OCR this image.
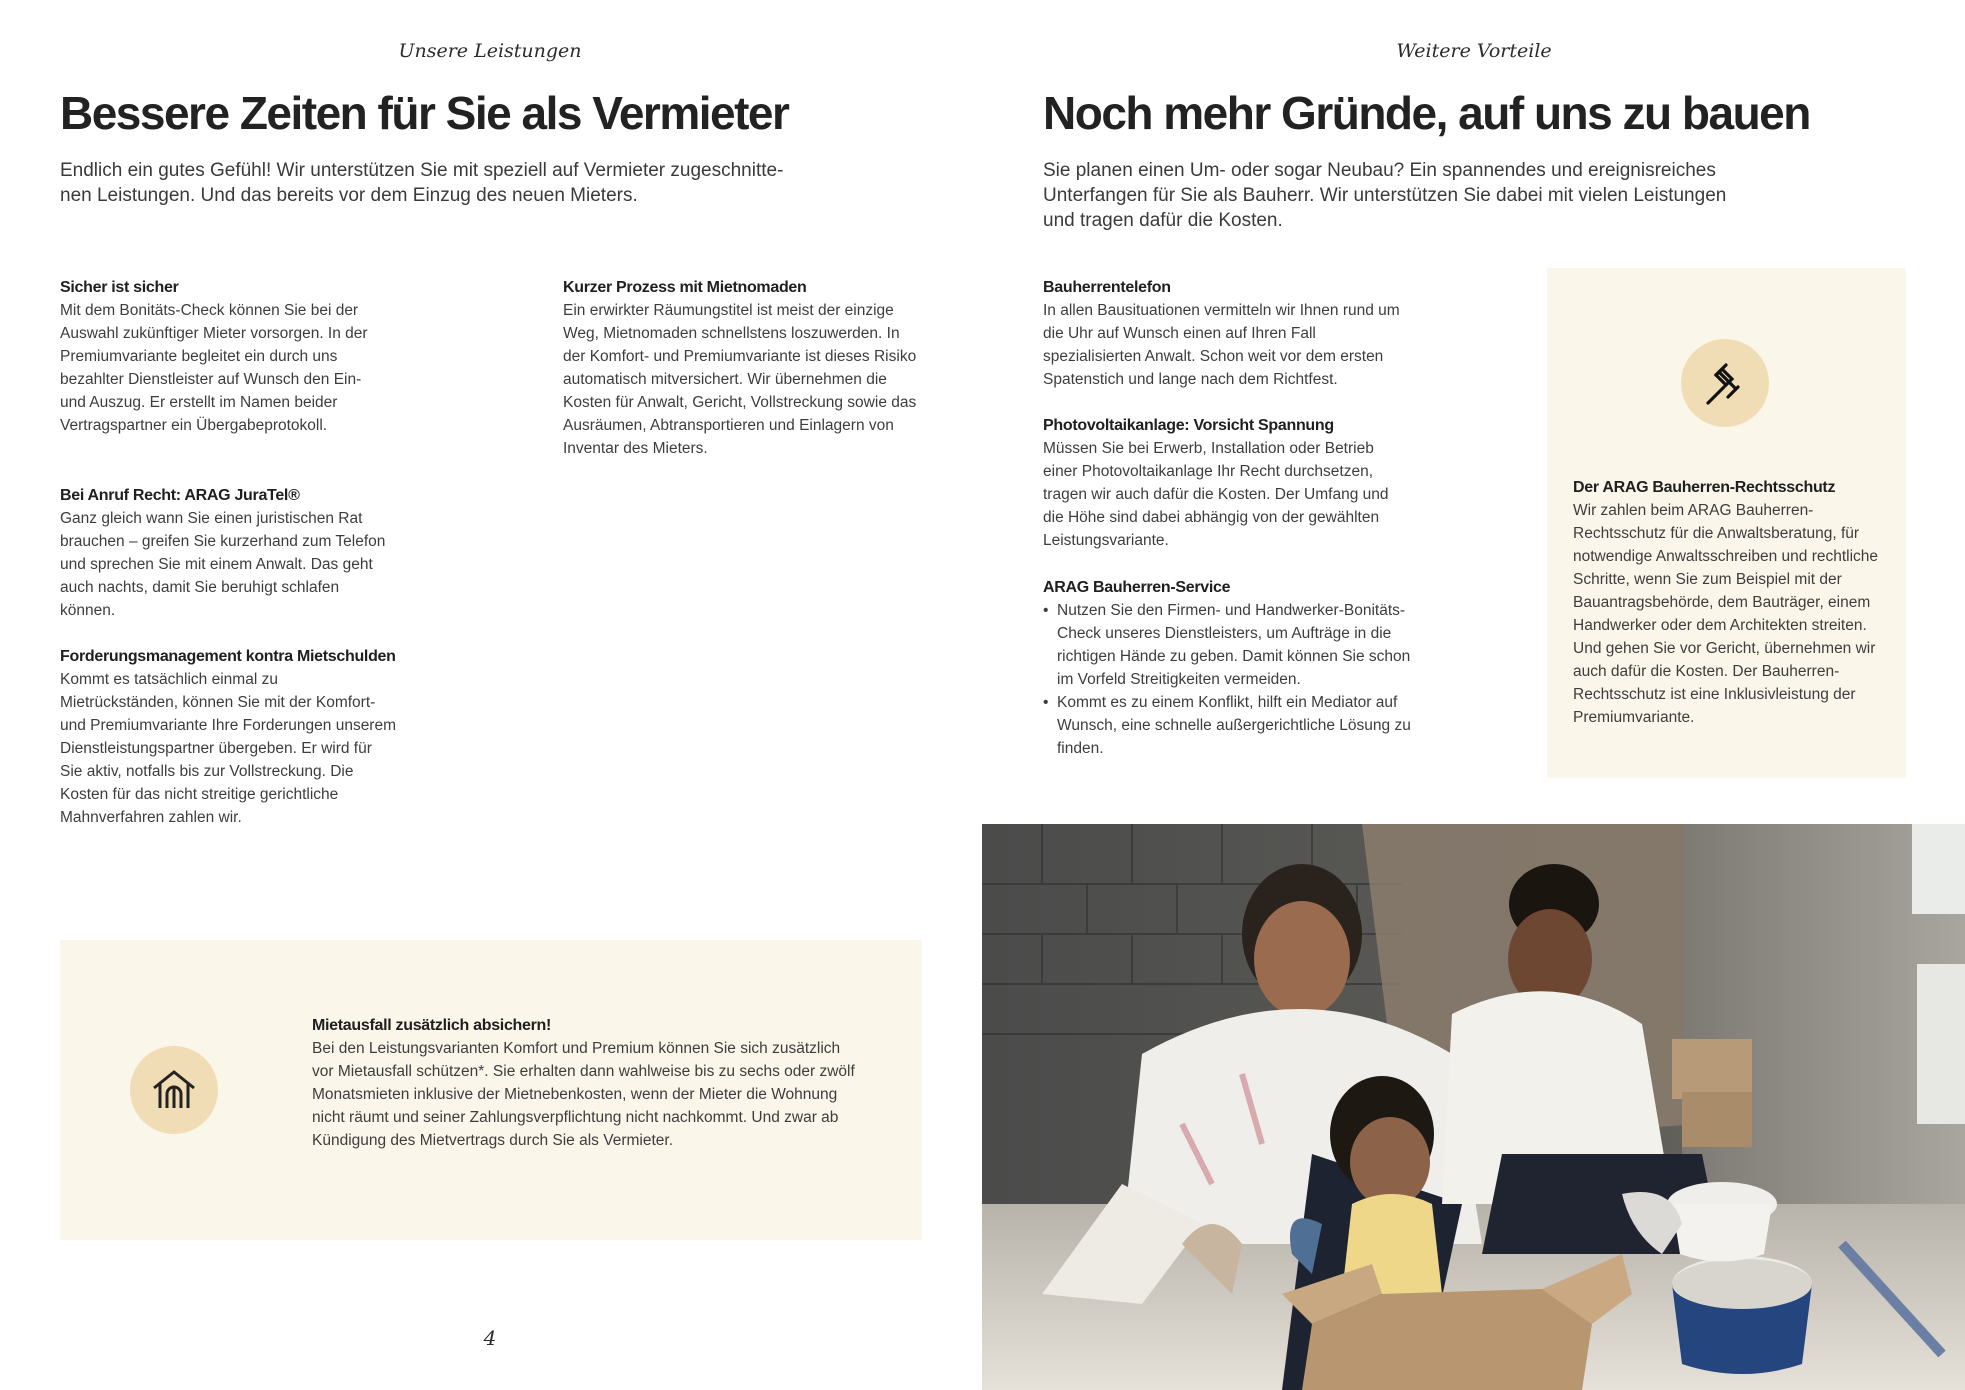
Unsere Leistungen
Bessere Zeiten für Sie als Vermieter

Endlich ein gutes Gefühl! Wir unterstützen Sie mit speziell auf Vermieter zugeschnitte-nen Leistungen. Und das bereits vor dem Einzug des neuen Mieters.

Sicher ist sicher

Mit dem Bonitäts-Check können Sie bei der Auswahl zukünftiger Mieter vorsorgen. In der Premiumvariante begleitet ein durch uns bezahlter Dienstleister auf Wunsch den Ein- und Auszug. Er erstellt im Namen beider Vertragspartner ein Übergabeprotokoll.

Kurzer Prozess mit Mietnomaden

Ein erwirkter Räumungstitel ist meist der einzige Weg, Mietnomaden schnellstens loszuwerden. In der Komfort- und Premiumvariante ist dieses Risiko automatisch mitversichert. Wir übernehmen die Kosten für Anwalt, Gericht, Vollstreckung sowie das Ausräumen, Abtransportieren und Einlagern von Inventar des Mieters.

Bei Anruf Recht: ARAG JuraTel®

Ganz gleich wann Sie einen juristischen Rat brauchen – greifen Sie kurzerhand zum Telefon und sprechen Sie mit einem Anwalt. Das geht auch nachts, damit Sie beruhigt schlafen können.

Forderungsmanagement kontra Mietschulden

Kommt es tatsächlich einmal zu Mietrückständen, können Sie mit der Komfort- und Premiumvariante Ihre Forderungen unserem Dienstleistungspartner übergeben. Er wird für Sie aktiv, notfalls bis zur Vollstreckung. Die Kosten für das nicht streitige gerichtliche Mahnverfahren zahlen wir.

Mietausfall zusätzlich absichern!

Bei den Leistungsvarianten Komfort und Premium können Sie sich zusätzlich vor Mietausfall schützen*. Sie erhalten dann wahlweise bis zu sechs oder zwölf Monatsmieten inklusive der Mietnebenkosten, wenn der Mieter die Wohnung nicht räumt und seiner Zahlungsverpflichtung nicht nachkommt. Und zwar ab Kündigung des Mietvertrags durch Sie als Vermieter.

4
Weitere Vorteile
Noch mehr Gründe, auf uns zu bauen

Sie planen einen Um- oder sogar Neubau? Ein spannendes und ereignisreiches Unterfangen für Sie als Bauherr. Wir unterstützen Sie dabei mit vielen Leistungen und tragen dafür die Kosten.

Bauherrentelefon

In allen Bausituationen vermitteln wir Ihnen rund um die Uhr auf Wunsch einen auf Ihren Fall spezialisierten Anwalt. Schon weit vor dem ersten Spatenstich und lange nach dem Richtfest.

Photovoltaikanlage: Vorsicht Spannung

Müssen Sie bei Erwerb, Installation oder Betrieb einer Photovoltaikanlage Ihr Recht durchsetzen, tragen wir auch dafür die Kosten. Der Umfang und die Höhe sind dabei abhängig von der gewählten Leistungsvariante.

ARAG Bauherren-Service
• Nutzen Sie den Firmen- und Handwerker-Bonitäts-Check unseres Dienstleisters, um Aufträge in die richtigen Hände zu geben. Damit können Sie schon im Vorfeld Streitigkeiten vermeiden.
• Kommt es zu einem Konflikt, hilft ein Mediator auf Wunsch, eine schnelle außergerichtliche Lösung zu finden.
Der ARAG Bauherren-Rechtsschutz

Wir zahlen beim ARAG Bauherren-Rechtsschutz für die Anwaltsberatung, für notwendige Anwaltsschreiben und rechtliche Schritte, wenn Sie zum Beispiel mit der Bauantragsbehörde, dem Bauträger, einem Handwerker oder dem Architekten streiten. Und gehen Sie vor Gericht, übernehmen wir auch dafür die Kosten. Der Bauherren-Rechtsschutz ist eine Inklusivleistung der Premiumvariante.
